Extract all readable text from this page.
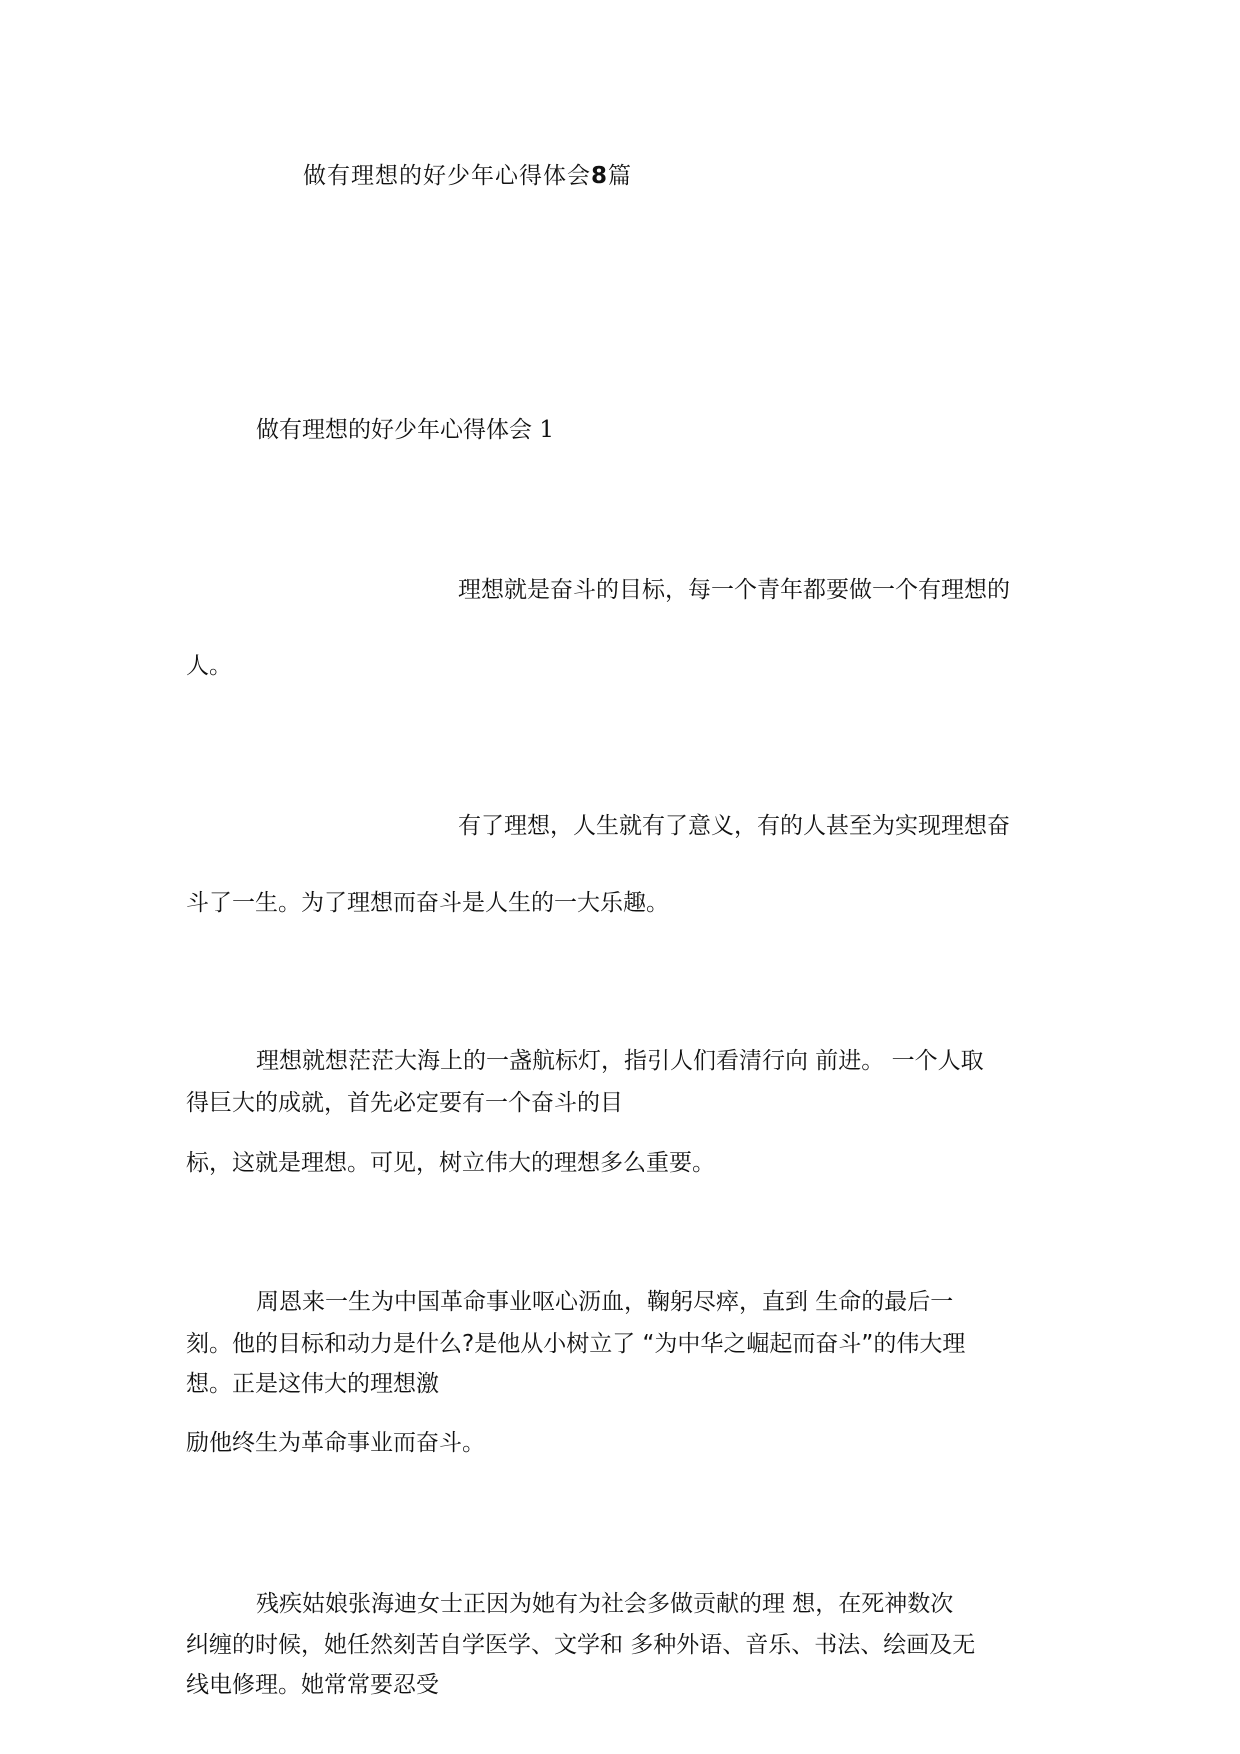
做有理想的好少年心得体会8篇
做有理想的好少年心得体会 1
理想就是奋斗的目标，每一个青年都要做一个有理想的
人。
有了理想，人生就有了意义，有的人甚至为实现理想奋
斗了一生。为了理想而奋斗是人生的一大乐趣。
理想就想茫茫大海上的一盏航标灯，指引人们看清行向 前进。 一个人取
得巨大的成就，首先必定要有一个奋斗的目
标，这就是理想。可见，树立伟大的理想多么重要。
周恩来一生为中国革命事业呕心沥血，鞠躬尽瘁，直到 生命的最后一
刻。他的目标和动力是什么?是他从小树立了 “为中华之崛起而奋斗”的伟大理
想。正是这伟大的理想激
励他终生为革命事业而奋斗。
残疾姑娘张海迪女士正因为她有为社会多做贡献的理 想，在死神数次
纠缠的时候，她任然刻苦自学医学、文学和 多种外语、音乐、书法、绘画及无
线电修理。她常常要忍受
